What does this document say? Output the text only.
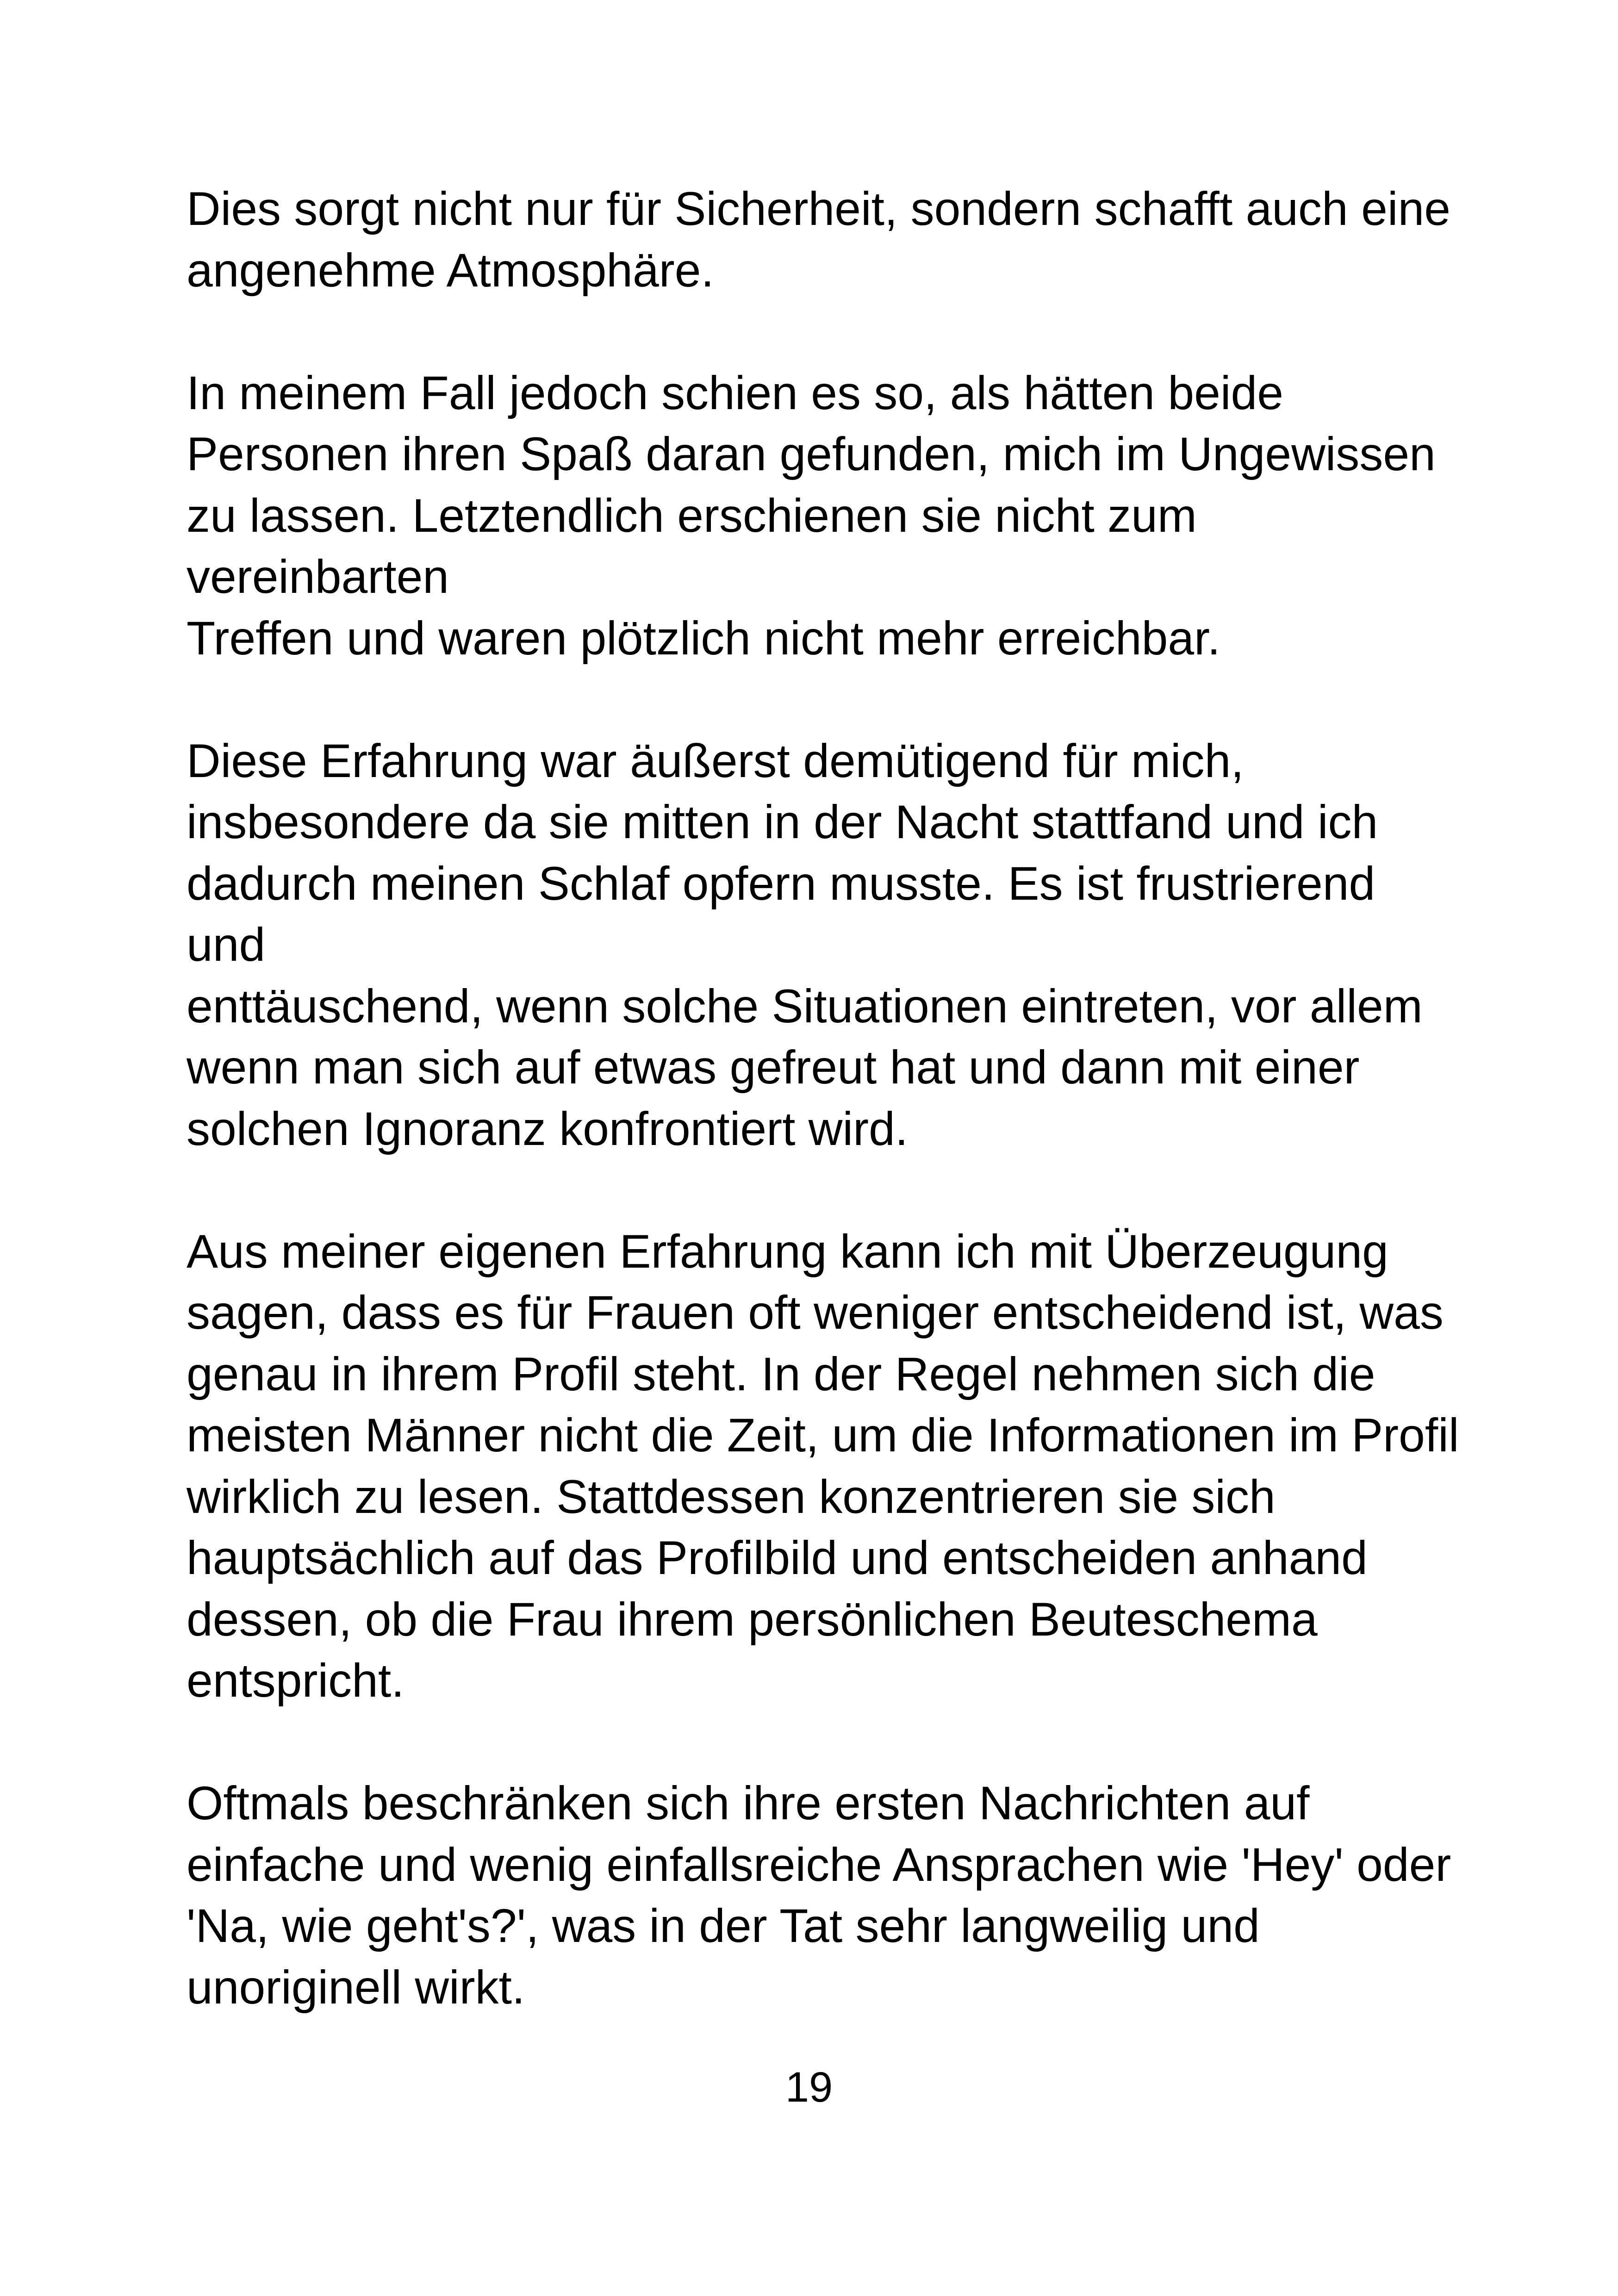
Dies sorgt nicht nur für Sicherheit, sondern schafft auch eine
angenehme Atmosphäre.

In meinem Fall jedoch schien es so, als hätten beide
Personen ihren Spaß daran gefunden, mich im Ungewissen
zu lassen. Letztendlich erschienen sie nicht zum vereinbarten
Treffen und waren plötzlich nicht mehr erreichbar.

Diese Erfahrung war äußerst demütigend für mich,
insbesondere da sie mitten in der Nacht stattfand und ich
dadurch meinen Schlaf opfern musste. Es ist frustrierend und
enttäuschend, wenn solche Situationen eintreten, vor allem
wenn man sich auf etwas gefreut hat und dann mit einer
solchen Ignoranz konfrontiert wird.

Aus meiner eigenen Erfahrung kann ich mit Überzeugung
sagen, dass es für Frauen oft weniger entscheidend ist, was
genau in ihrem Profil steht. In der Regel nehmen sich die
meisten Männer nicht die Zeit, um die Informationen im Profil
wirklich zu lesen. Stattdessen konzentrieren sie sich
hauptsächlich auf das Profilbild und entscheiden anhand
dessen, ob die Frau ihrem persönlichen Beuteschema
entspricht.

Oftmals beschränken sich ihre ersten Nachrichten auf
einfache und wenig einfallsreiche Ansprachen wie 'Hey' oder
'Na, wie geht's?', was in der Tat sehr langweilig und
unoriginell wirkt.

19
